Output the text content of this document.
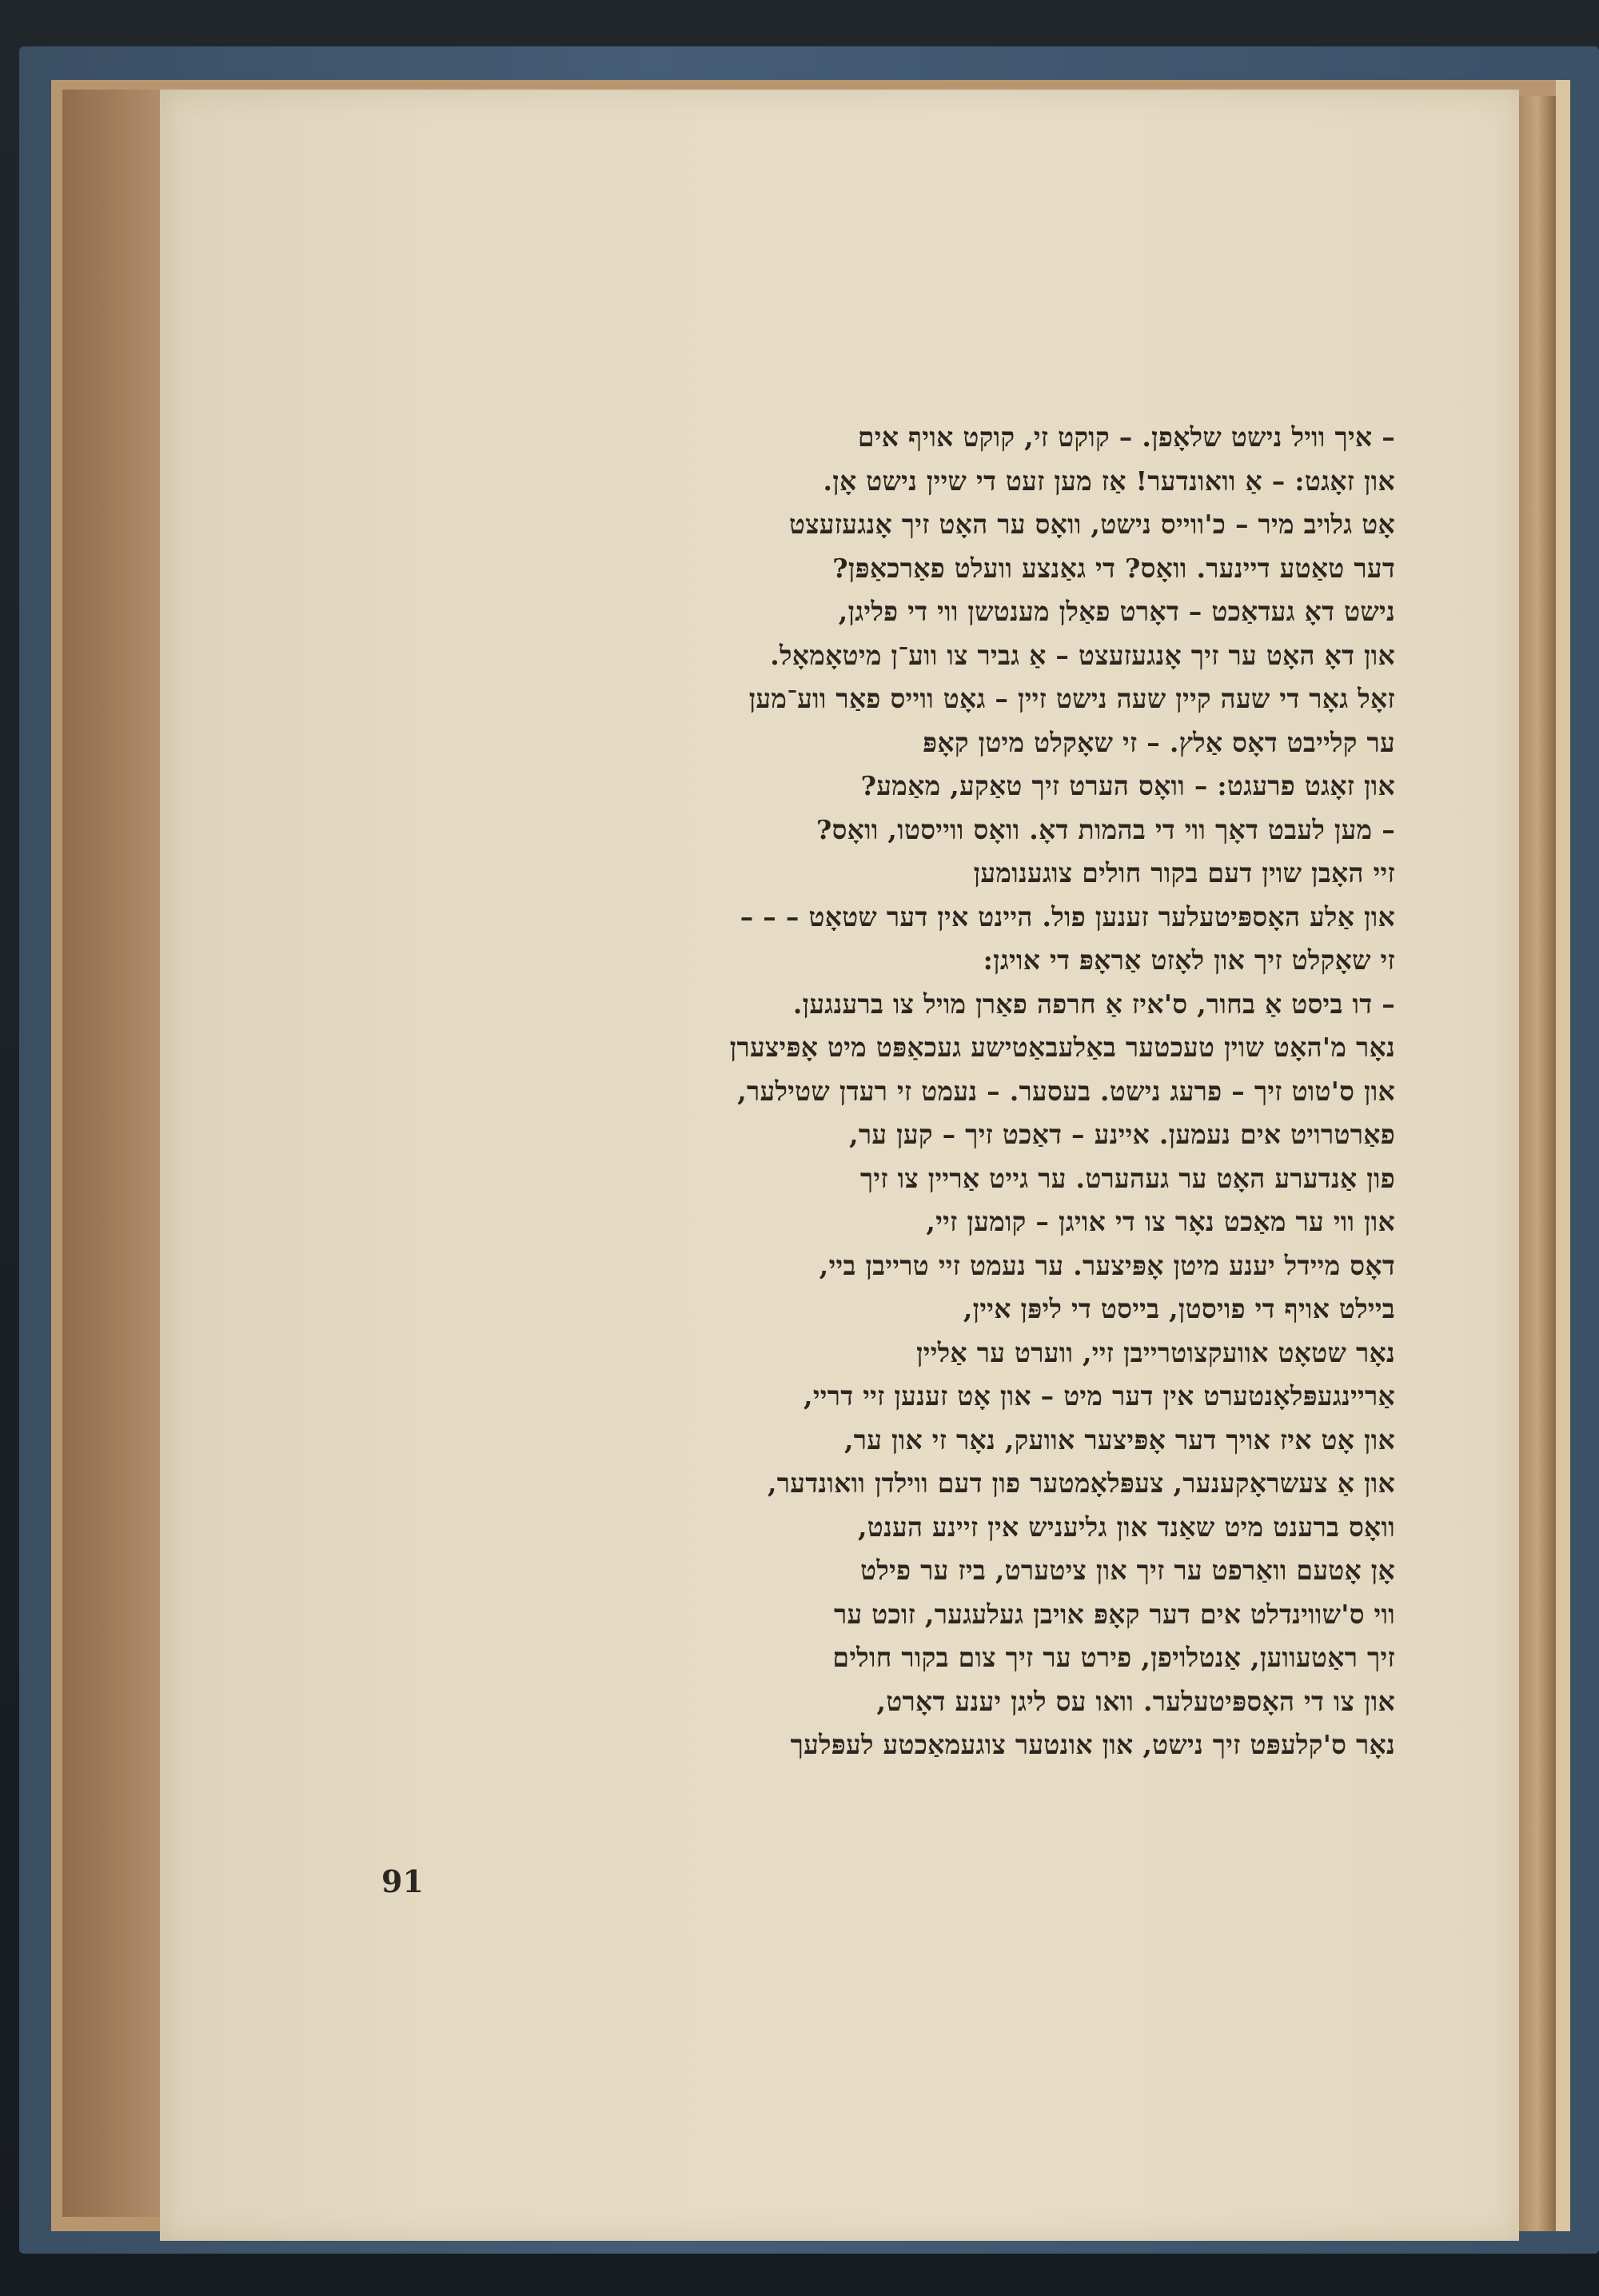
– איך וויל נישט שלאָפן. – קוקט זי, קוקט אויף אים
און זאָגט: – אַ וואונדער! אַז מען זעט די שיין נישט אָן.
אָט גלויב מיר – כ'ווייס נישט, וואָס ער האָט זיך אָנגעזעצט
דער טאַטע דיינער. וואָס? די גאַנצע וועלט פאַרכאַפּן?
נישט דאָ געדאַכט – דאָרט פאַלן מענטשן ווי די פליגן,
און דאָ האָט ער זיך אָנגעזעצט – אַ גביר צו ווע־ן מיטאָמאָל.
זאָל גאָר די שעה קיין שעה נישט זיין – גאָט ווייס פאַר ווע־מען
ער קלייבט דאָס אַלץ. – זי שאָקלט מיטן קאָפּ
און זאָגט פרעגט: – וואָס הערט זיך טאַקע, מאַמע?
– מען לעבט דאָך ווי די בהמות דאָ. וואָס ווייסטו, וואָס?
זיי האָבן שוין דעם בקור חולים צוגענומען
און אַלע האָספּיטעלער זענען פול. היינט אין דער שטאָט – – –
זי שאָקלט זיך און לאָזט אַראָפּ די אויגן:
– דו ביסט אַ בחור, ס'איז אַ חרפה פאַרן מויל צו ברענגען.
נאָר מ'האָט שוין טעכטער באַלעבאַטישע געכאַפּט מיט אָפּיצערן
און ס'טוט זיך – פרעג נישט. בעסער. – נעמט זי רעדן שטילער,
פאַרטרויט אים נעמען. איינע – דאַכט זיך – קען ער,
פון אַנדערע האָט ער געהערט. ער גייט אַריין צו זיך
און ווי ער מאַכט נאָר צו די אויגן – קומען זיי,
דאָס מיידל יענע מיטן אָפּיצער. ער נעמט זיי טרייבן ביי,
ביילט אויף די פויסטן, בייסט די ליפּן איין,
נאָר שטאָט אוועקצוטרייבן זיי, ווערט ער אַליין
אַריינגעפּלאָנטערט אין דער מיט – און אָט זענען זיי דריי,
און אָט איז אויך דער אָפּיצער אוועק, נאָר זי און ער,
און אַ צעשראָקענער, צעפּלאָמטער פון דעם ווילדן וואונדער,
וואָס ברענט מיט שאַנד און גליעניש אין זיינע הענט,
אָן אָטעם וואַרפט ער זיך און ציטערט, ביז ער פילט
ווי ס'שווינדלט אים דער קאָפּ אויבן געלעגער, זוכט ער
זיך ראַטעווען, אַנטלויפן, פירט ער זיך צום בקור חולים
און צו די האָספּיטעלער. וואו עס ליגן יענע דאָרט,
נאָר ס'קלעפּט זיך נישט, און אונטער צוגעמאַכטע לעפּלעך
91
